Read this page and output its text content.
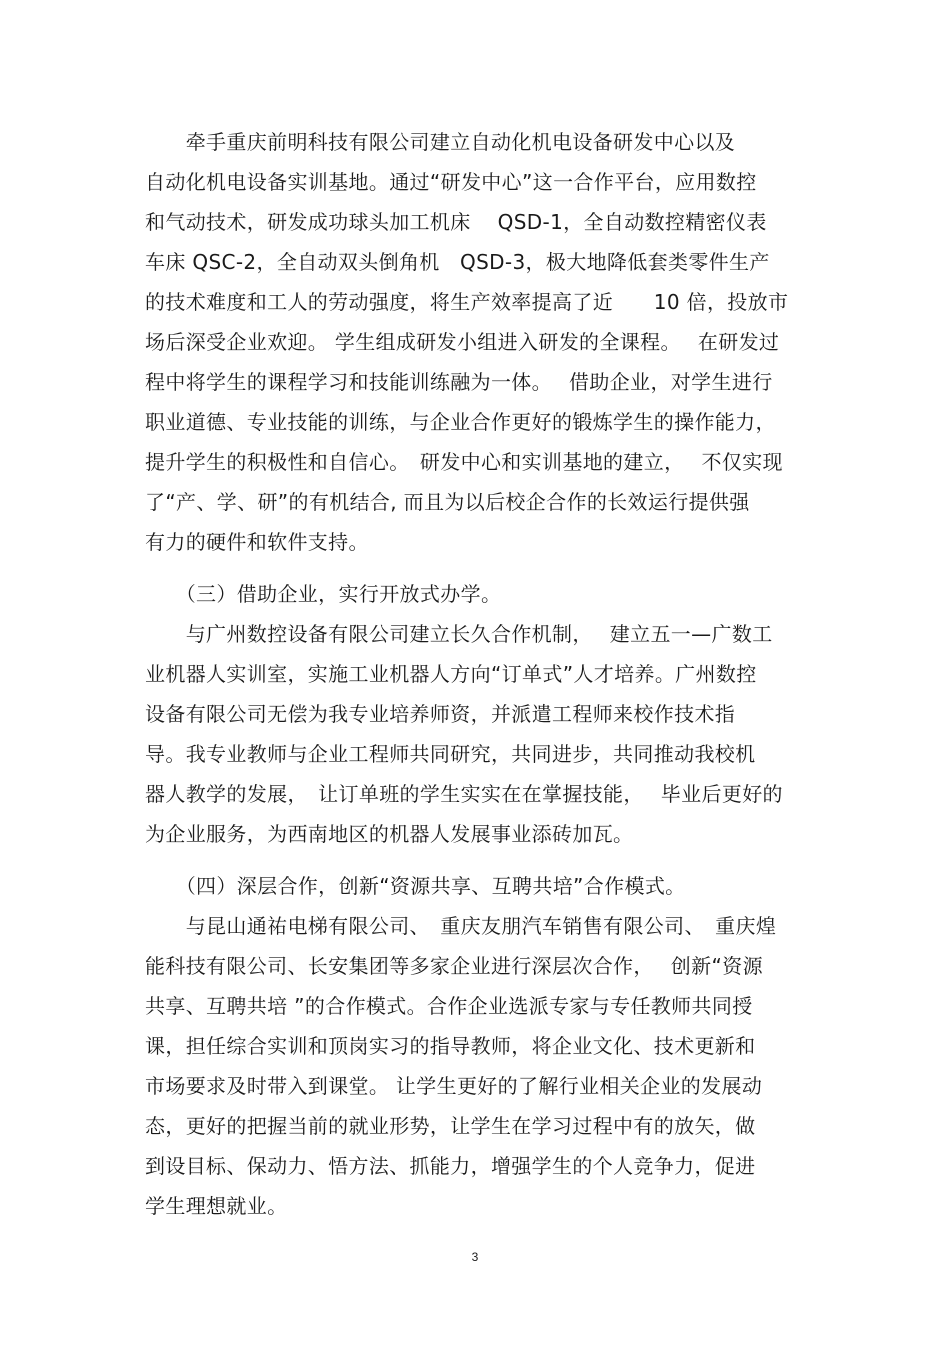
　　牵手重庆前明科技有限公司建立自动化机电设备研发中心以及
自动化机电设备实训基地。通过“研发中心”这一合作平台，应用数控
和气动技术，研发成功球头加工机床　 QSD-1，全自动数控精密仪表
车床 QSC-2，全自动双头倒角机　QSD-3，极大地降低套类零件生产
的技术难度和工人的劳动强度，将生产效率提高了近　　10 倍，投放市
场后深受企业欢迎。 学生组成研发小组进入研发的全课程。　 在研发过
程中将学生的课程学习和技能训练融为一体。　 借助企业，对学生进行
职业道德、专业技能的训练，与企业合作更好的锻炼学生的操作能力，
提升学生的积极性和自信心。　研发中心和实训基地的建立，　 不仅实现
了“产、学、研”的有机结合, 而且为以后校企合作的长效运行提供强
有力的硬件和软件支持。
　　（三）借助企业，实行开放式办学。
　　与广州数控设备有限公司建立长久合作机制，　 建立五一—广数工
业机器人实训室，实施工业机器人方向“订单式”人才培养。广州数控
设备有限公司无偿为我专业培养师资，并派遣工程师来校作技术指
导。我专业教师与企业工程师共同研究，共同进步，共同推动我校机
器人教学的发展，　让订单班的学生实实在在掌握技能，　 毕业后更好的
为企业服务，为西南地区的机器人发展事业添砖加瓦。
　　（四）深层合作，创新“资源共享、互聘共培”合作模式。
　　与昆山通祐电梯有限公司、　重庆友朋汽车销售有限公司、　重庆煌
能科技有限公司、长安集团等多家企业进行深层次合作，　 创新“资源
共享、互聘共培 ”的合作模式。合作企业选派专家与专任教师共同授
课，担任综合实训和顶岗实习的指导教师，将企业文化、技术更新和
市场要求及时带入到课堂。 让学生更好的了解行业相关企业的发展动
态，更好的把握当前的就业形势，让学生在学习过程中有的放矢，做
到设目标、保动力、悟方法、抓能力，增强学生的个人竞争力，促进
学生理想就业。
3
